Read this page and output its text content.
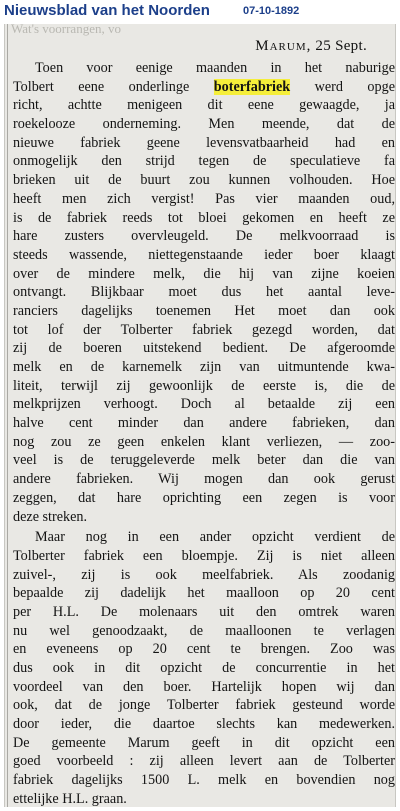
Nieuwsblad van het Noorden	07-10-1892
Wat's voorrangen, vo
Marum, 25 Sept.
Toen voor eenige maanden in het naburige
Tolbert eene onderlinge boterfabriek werd opge
richt, achtte menigeen dit eene gewaagde, ja
roekelooze onderneming. Men meende, dat de
nieuwe fabriek geene levensvatbaarheid had en
onmogelijk den strijd tegen de speculatieve fa
brieken uit de buurt zou kunnen volhouden. Hoe
heeft men zich vergist! Pas vier maanden oud,
is de fabriek reeds tot bloei gekomen en heeft ze
hare zusters overvleugeld. De melkvoorraad is
steeds wassende, niettegenstaande ieder boer klaagt
over de mindere melk, die hij van zijne koeien
ontvangt. Blijkbaar moet dus het aantal leve-
ranciers dagelijks toenemen Het moet dan ook
tot lof der Tolberter fabriek gezegd worden, dat
zij de boeren uitstekend bedient. De afgeroomde
melk en de karnemelk zijn van uitmuntende kwa-
liteit, terwijl zij gewoonlijk de eerste is, die de
melkprijzen verhoogt. Doch al betaalde zij een
halve cent minder dan andere fabrieken, dan
nog zou ze geen enkelen klant verliezen, — zoo-
veel is de teruggeleverde melk beter dan die van
andere fabrieken. Wij mogen dan ook gerust
zeggen, dat hare oprichting een zegen is voor
deze streken.
Maar nog in een ander opzicht verdient de
Tolberter fabriek een bloempje. Zij is niet alleen
zuivel-, zij is ook meelfabriek. Als zoodanig
bepaalde zij dadelijk het maalloon op 20 cent
per H.L. De molenaars uit den omtrek waren
nu wel genoodzaakt, de maalloonen te verlagen
en eveneens op 20 cent te brengen. Zoo was
dus ook in dit opzicht de concurrentie in het
voordeel van den boer. Hartelijk hopen wij dan
ook, dat de jonge Tolberter fabriek gesteund worde
door ieder, die daartoe slechts kan medewerken.
De gemeente Marum geeft in dit opzicht een
goed voorbeeld : zij alleen levert aan de Tolberter
fabriek dagelijks 1500 L. melk en bovendien nog
ettelijke H.L. graan.
